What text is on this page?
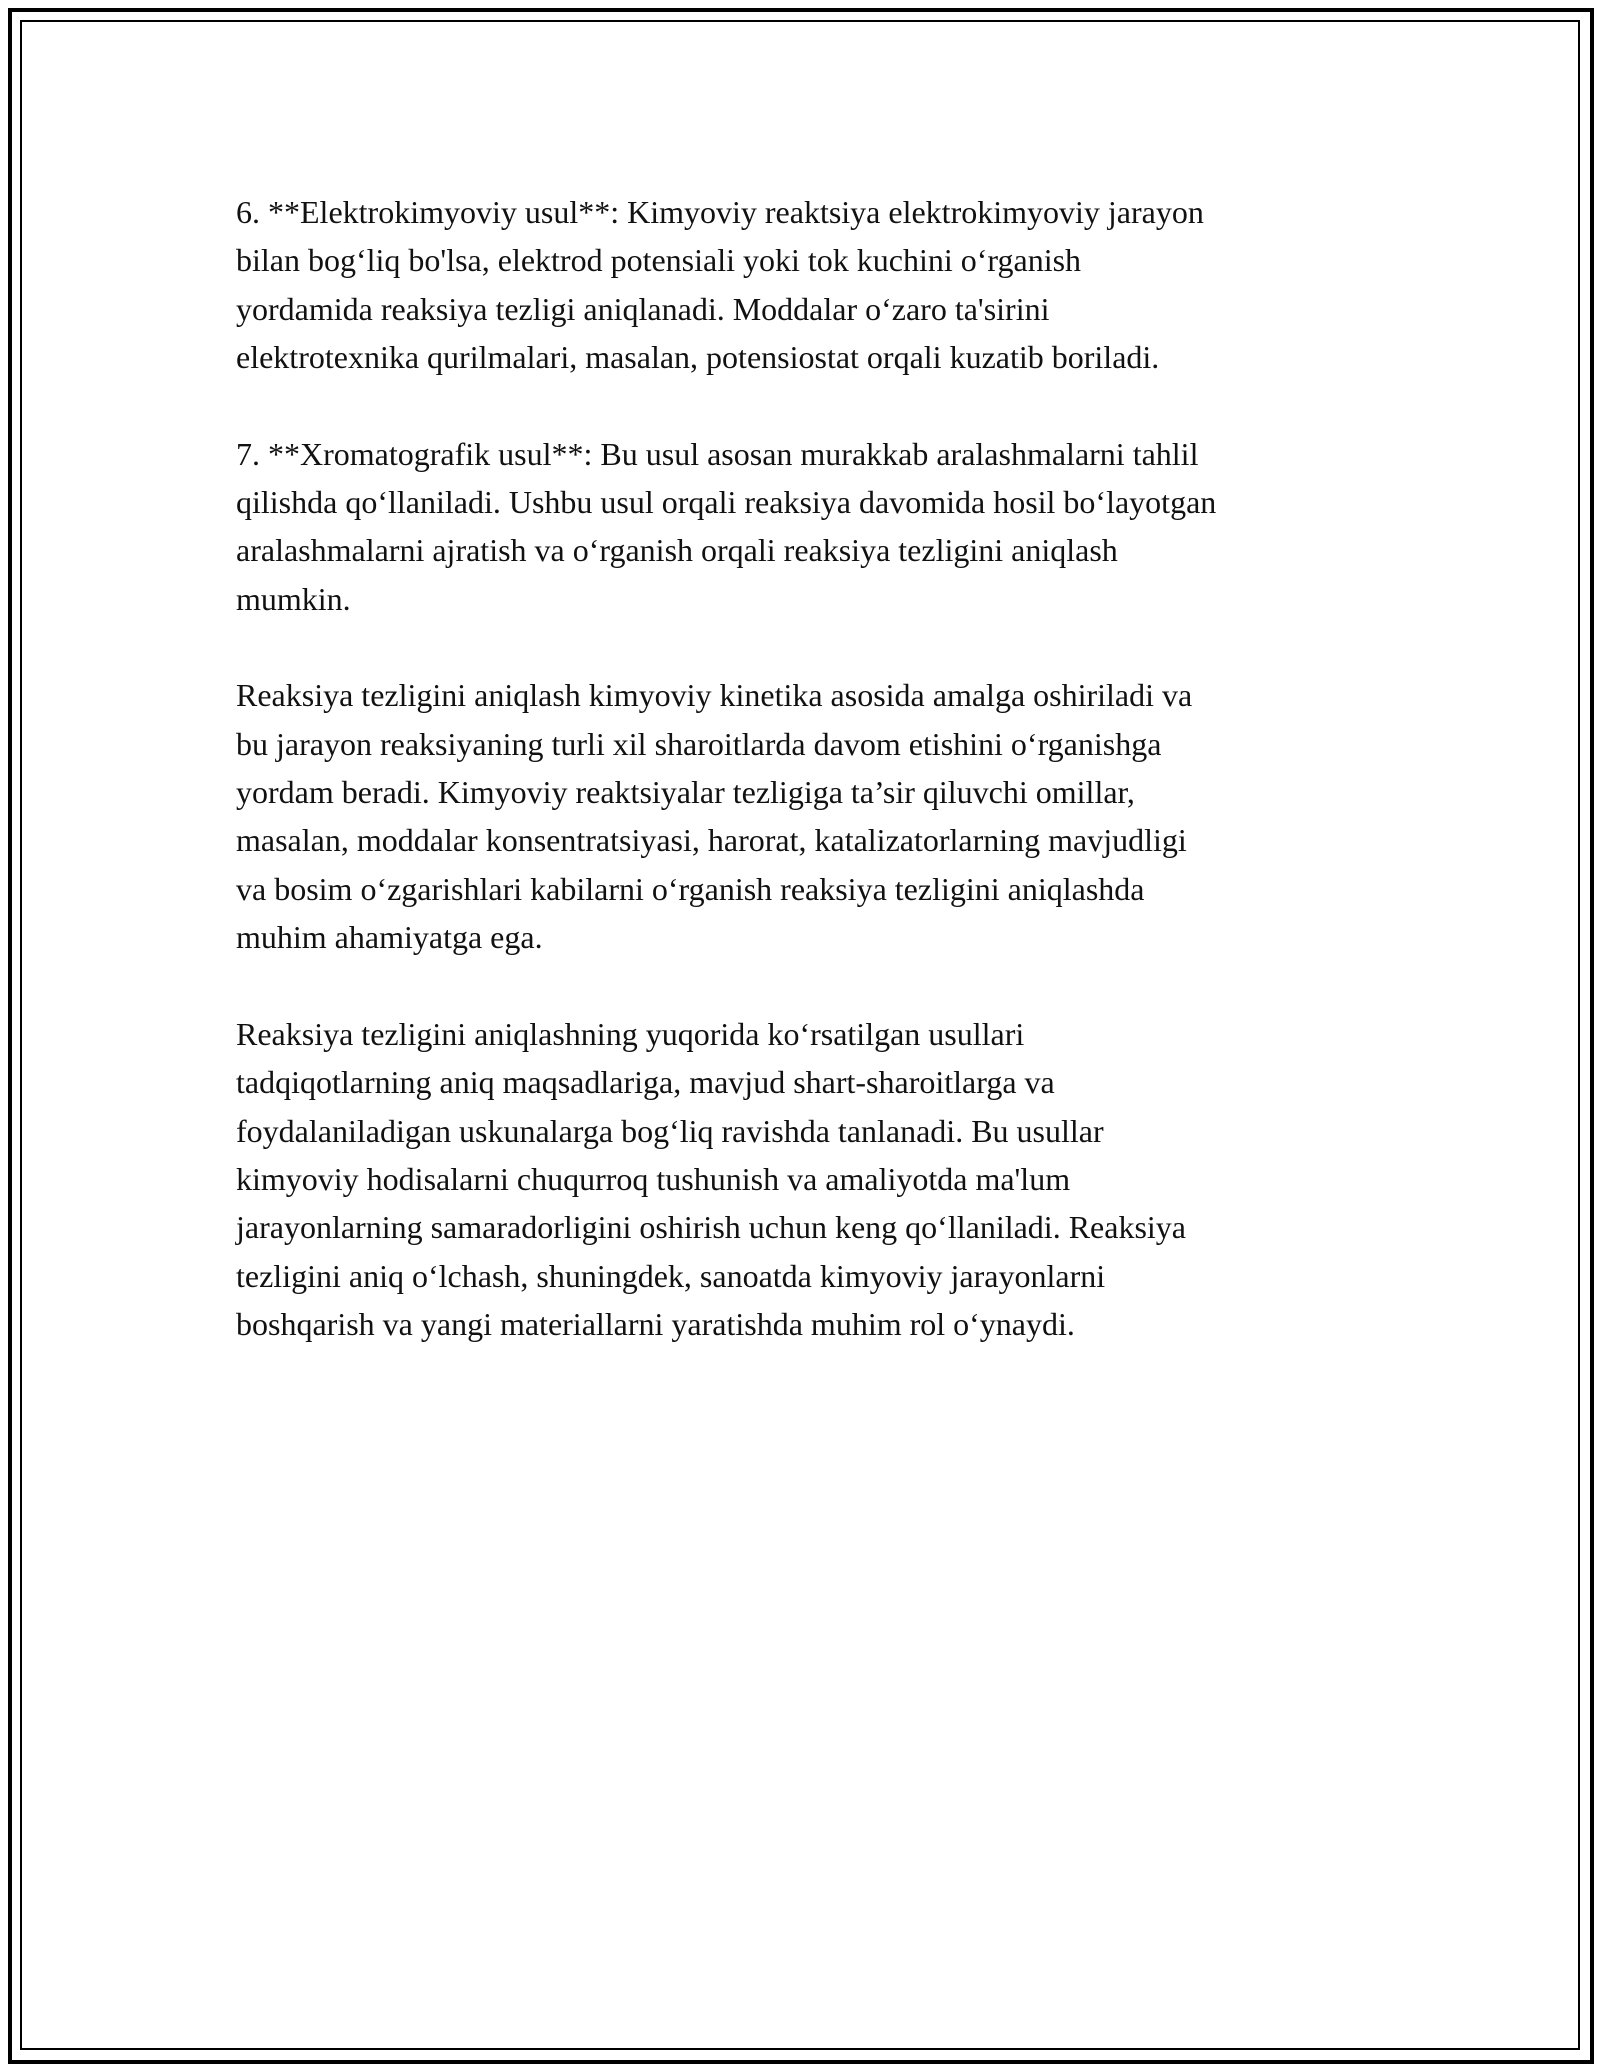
6. **Elektrokimyoviy usul**: Kimyoviy reaktsiya elektrokimyoviy jarayon
bilan bog‘liq bo'lsa, elektrod potensiali yoki tok kuchini o‘rganish
yordamida reaksiya tezligi aniqlanadi. Moddalar o‘zaro ta'sirini
elektrotexnika qurilmalari, masalan, potensiostat orqali kuzatib boriladi.

7. **Xromatografik usul**: Bu usul asosan murakkab aralashmalarni tahlil
qilishda qo‘llaniladi. Ushbu usul orqali reaksiya davomida hosil bo‘layotgan
aralashmalarni ajratish va o‘rganish orqali reaksiya tezligini aniqlash
mumkin.

Reaksiya tezligini aniqlash kimyoviy kinetika asosida amalga oshiriladi va
bu jarayon reaksiyaning turli xil sharoitlarda davom etishini o‘rganishga
yordam beradi. Kimyoviy reaktsiyalar tezligiga ta’sir qiluvchi omillar,
masalan, moddalar konsentratsiyasi, harorat, katalizatorlarning mavjudligi
va bosim o‘zgarishlari kabilarni o‘rganish reaksiya tezligini aniqlashda
muhim ahamiyatga ega.

Reaksiya tezligini aniqlashning yuqorida ko‘rsatilgan usullari
tadqiqotlarning aniq maqsadlariga, mavjud shart-sharoitlarga va
foydalaniladigan uskunalarga bog‘liq ravishda tanlanadi. Bu usullar
kimyoviy hodisalarni chuqurroq tushunish va amaliyotda ma'lum
jarayonlarning samaradorligini oshirish uchun keng qo‘llaniladi. Reaksiya
tezligini aniq o‘lchash, shuningdek, sanoatda kimyoviy jarayonlarni
boshqarish va yangi materiallarni yaratishda muhim rol o‘ynaydi.
